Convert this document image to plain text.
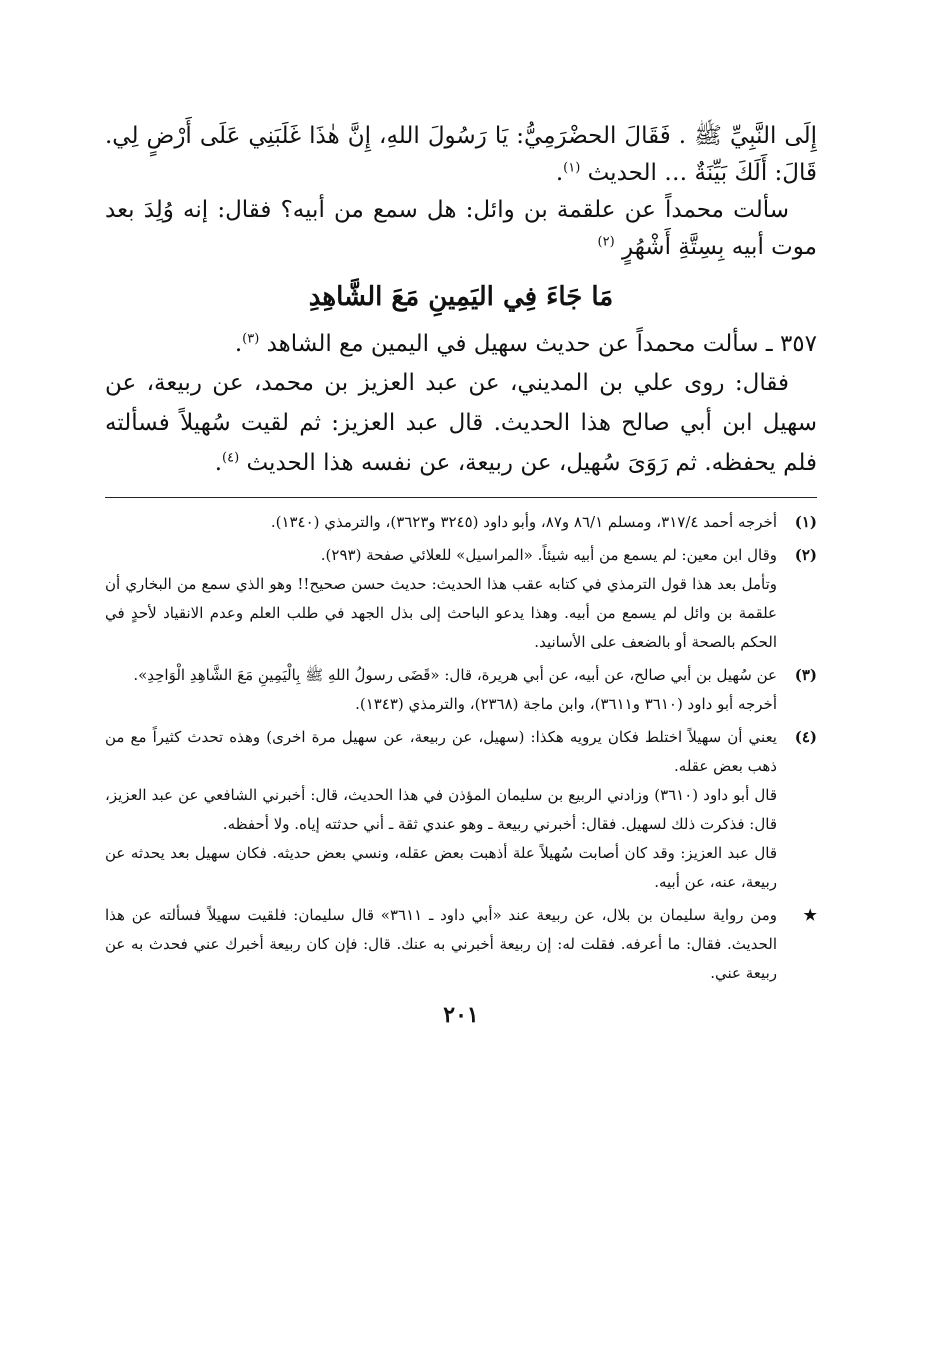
إِلَى النَّبِيِّ ﷺ . فَقَالَ الحضْرَمِيُّ: يَا رَسُولَ اللهِ، إِنَّ هٰذَا غَلَبَنِي عَلَى أَرْضٍ لِي. قَالَ: أَلَكَ بَيِّنَةٌ … الحديث $^{(١)}$.

سألت محمداً عن علقمة بن وائل: هل سمع من أبيه؟ فقال: إنه وُلِدَ بعد موت أبيه بِسِتَّةِ أَشْهُرٍ $^{(٢)}$

مَا جَاءَ فِي اليَمِينِ مَعَ الشَّاهِدِ

٣٥٧ ـ سألت محمداً عن حديث سهيل في اليمين مع الشاهد $^{(٣)}$.

فقال: روى علي بن المديني، عن عبد العزيز بن محمد، عن ربيعة، عن سهيل ابن أبي صالح هذا الحديث. قال عبد العزيز: ثم لقيت سُهيلاً فسألته فلم يحفظه. ثم رَوَىَ سُهيل، عن ربيعة، عن نفسه هذا الحديث $^{(٤)}$.

(١)

أخرجه أحمد ٣١٧/٤، ومسلم ٨٦/١ و٨٧، وأبو داود (٣٢٤٥ و٣٦٢٣)، والترمذي (١٣٤٠).

(٢)

وقال ابن معين: لم يسمع من أبيه شيئاً. «المراسيل» للعلائي صفحة (٢٩٣).

وتأمل بعد هذا قول الترمذي في كتابه عقب هذا الحديث: حديث حسن صحيح!! وهو الذي سمع من البخاري أن علقمة بن وائل لم يسمع من أبيه. وهذا يدعو الباحث إلى بذل الجهد في طلب العلم وعدم الانقياد لأحدٍ في الحكم بالصحة أو بالضعف على الأسانيد.

(٣)

عن سُهيل بن أبي صالح، عن أبيه، عن أبي هريرة، قال: «قَضَى رسولُ اللهِ ﷺ بِالْيَمِينِ مَعَ الشَّاهِدِ الْوَاحِدِ».

أخرجه أبو داود (٣٦١٠ و٣٦١١)، وابن ماجة (٢٣٦٨)، والترمذي (١٣٤٣).

(٤)

يعني أن سهيلاً اختلط فكان يرويه هكذا: (سهيل، عن ربيعة، عن سهيل مرة اخرى) وهذه تحدث كثيراً مع من ذهب بعض عقله.

قال أبو داود (٣٦١٠) وزادني الربيع بن سليمان المؤذن في هذا الحديث، قال: أخبرني الشافعي عن عبد العزيز، قال: فذكرت ذلك لسهيل. فقال: أخبرني ربيعة ـ وهو عندي ثقة ـ أني حدثته إياه. ولا أحفظه.

قال عبد العزيز: وقد كان أصابت سُهيلاً علة أذهبت بعض عقله، ونسي بعض حديثه. فكان سهيل بعد يحدثه عن ربيعة، عنه، عن أبيه.

★

ومن رواية سليمان بن بلال، عن ربيعة عند «أبي داود ـ ٣٦١١» قال سليمان: فلقيت سهيلاً فسألته عن هذا الحديث. فقال: ما أعرفه. فقلت له: إن ربيعة أخبرني به عنك. قال: فإن كان ربيعة أخبرك عني فحدث به عن ربيعة عني.

٢٠١
